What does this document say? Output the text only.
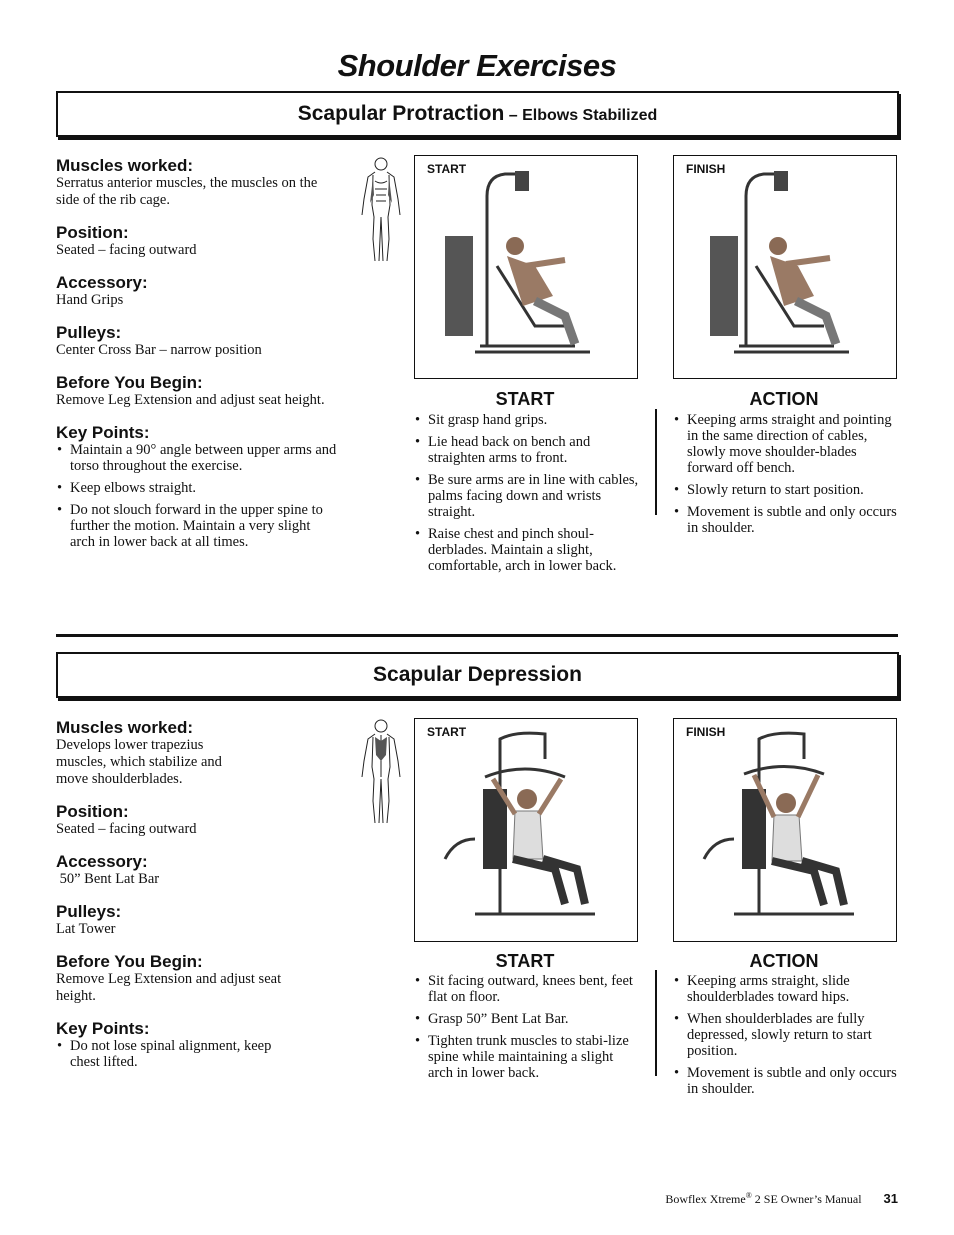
Shoulder Exercises
Scapular Protraction – Elbows Stabilized

Muscles worked:

Serratus anterior muscles, the muscles on the side of the rib cage.

Position:

Seated – facing outward

Accessory:

Hand Grips

Pulleys:

Center Cross Bar – narrow position

Before You Begin:

Remove Leg Extension and adjust seat height.

Key Points:

• Maintain a 90° angle between upper arms and torso throughout the exercise.
• Keep elbows straight.
• Do not slouch forward in the upper spine to further the motion. Maintain a very slight arch in lower back at all times.
START	FINISH
START
• Sit grasp hand grips.
• Lie head back on bench and straighten arms to front.
• Be sure arms are in line with cables, palms facing down and wrists straight.
• Raise chest and pinch shoul-derblades. Maintain a slight, comfortable, arch in lower back.
ACTION
• Keeping arms straight and pointing in the same direction of cables, slowly move shoulder-blades forward off bench.
• Slowly return to start position.
• Movement is subtle and only occurs in shoulder.
Scapular Depression

Muscles worked:

Develops lower trapezius muscles, which stabilize and move shoulderblades.

Position:

Seated – facing outward

Accessory:

50” Bent Lat Bar

Pulleys:

Lat Tower

Before You Begin:

Remove Leg Extension and adjust seat height.

Key Points:

• Do not lose spinal alignment, keep chest lifted.
START	FINISH
START
• Sit facing outward, knees bent, feet flat on floor.
• Grasp 50” Bent Lat Bar.
• Tighten trunk muscles to stabi-lize spine while maintaining a slight arch in lower back.
ACTION
• Keeping arms straight, slide shoulderblades toward hips.
• When shoulderblades are fully depressed, slowly return to start position.
• Movement is subtle and only occurs in shoulder.
Bowflex Xtreme® 2 SE Owner’s Manual 31
